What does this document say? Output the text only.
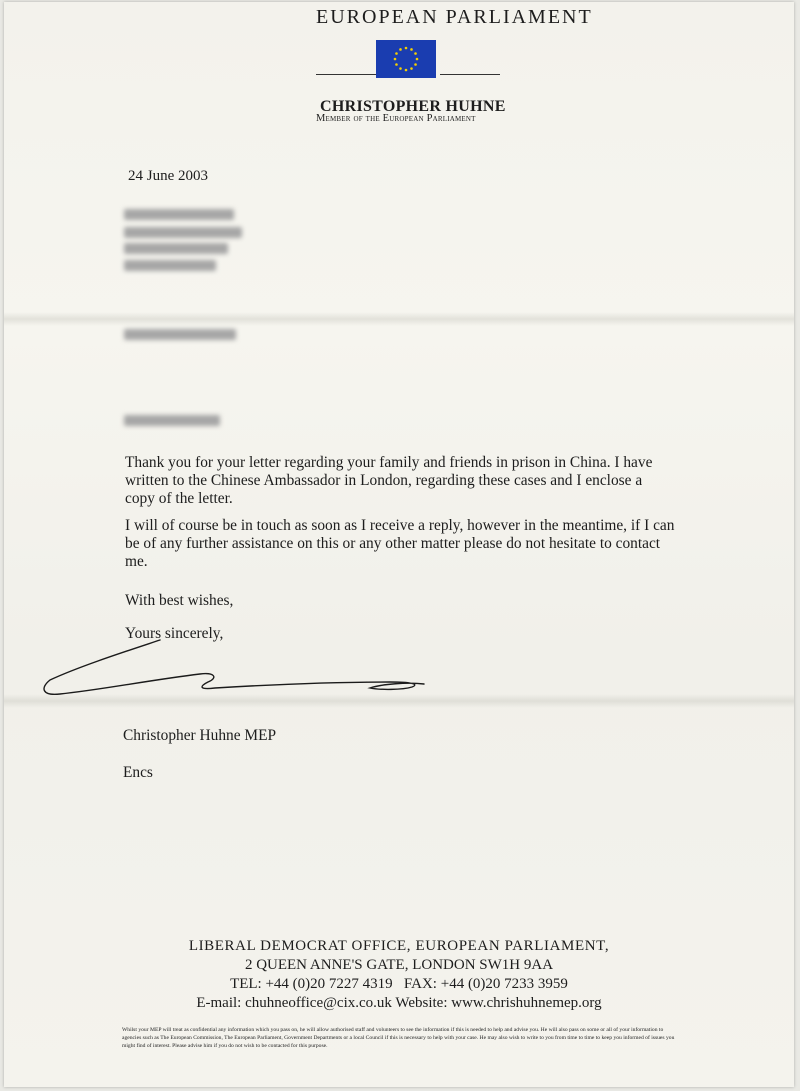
EUROPEAN PARLIAMENT
CHRISTOPHER HUHNE
Member of the European Parliament
24 June 2003
Thank you for your letter regarding your family and friends in prison in China. I have
written to the Chinese Ambassador in London, regarding these cases and I enclose a
copy of the letter.
I will of course be in touch as soon as I receive a reply, however in the meantime, if I can
be of any further assistance on this or any other matter please do not hesitate to contact
me.
With best wishes,
Yours sincerely,
Christopher Huhne MEP
Encs
LIBERAL DEMOCRAT OFFICE, EUROPEAN PARLIAMENT,
2 QUEEN ANNE'S GATE, LONDON SW1H 9AA
TEL: +44 (0)20 7227 4319   FAX: +44 (0)20 7233 3959
E-mail: chuhneoffice@cix.co.uk Website: www.chrishuhnemep.org
Whilst your MEP will treat as confidential any information which you pass on, he will allow authorised staff and volunteers to see the information if this is needed to help and advise you. He will also pass on some or all of your information to agencies such as The European Commission, The European Parliament, Government Departments or a local Council if this is necessary to help with your case. He may also wish to write to you from time to time to keep you informed of issues you might find of interest. Please advise him if you do not wish to be contacted for this purpose.
